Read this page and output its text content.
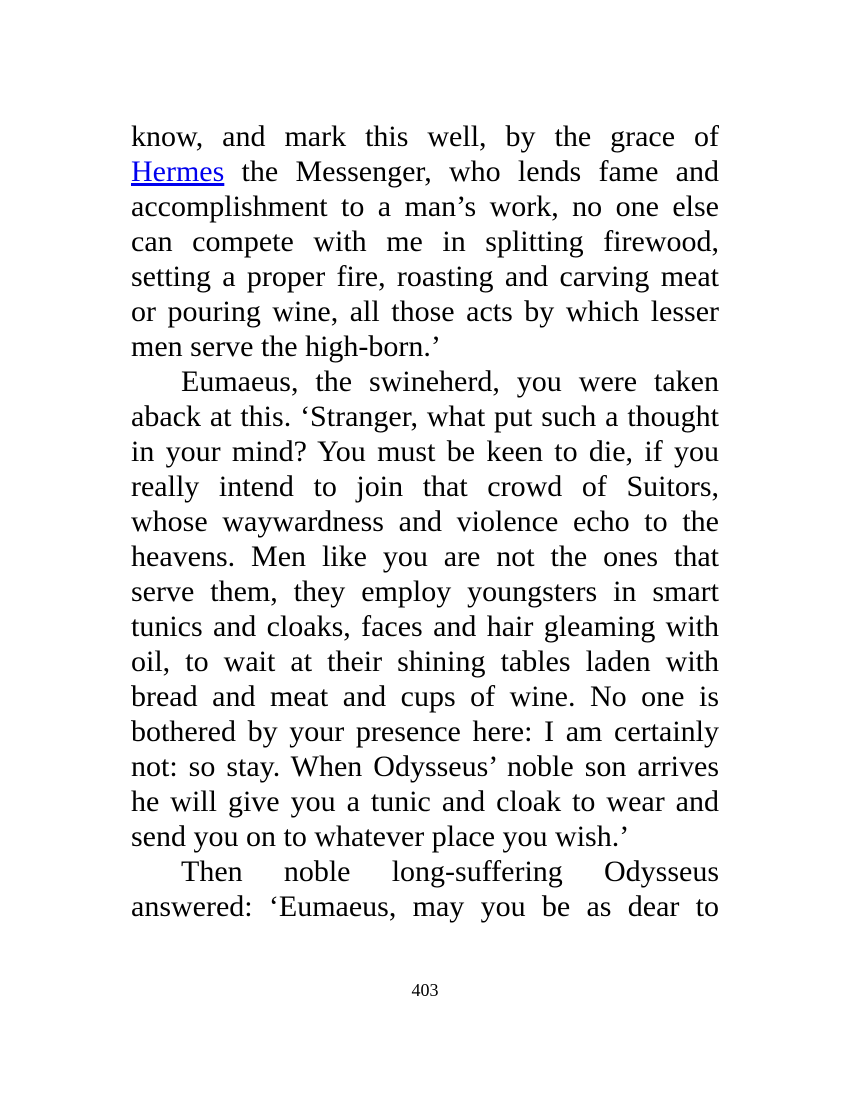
know, and mark this well, by the grace of
Hermes the Messenger, who lends fame and
accomplishment to a man’s work, no one else
can compete with me in splitting firewood,
setting a proper fire, roasting and carving meat
or pouring wine, all those acts by which lesser
men serve the high-born.’
Eumaeus, the swineherd, you were taken
aback at this. ‘Stranger, what put such a thought
in your mind? You must be keen to die, if you
really intend to join that crowd of Suitors,
whose waywardness and violence echo to the
heavens. Men like you are not the ones that
serve them, they employ youngsters in smart
tunics and cloaks, faces and hair gleaming with
oil, to wait at their shining tables laden with
bread and meat and cups of wine. No one is
bothered by your presence here: I am certainly
not: so stay. When Odysseus’ noble son arrives
he will give you a tunic and cloak to wear and
send you on to whatever place you wish.’
Then noble long-suffering Odysseus
answered: ‘Eumaeus, may you be as dear to
403
